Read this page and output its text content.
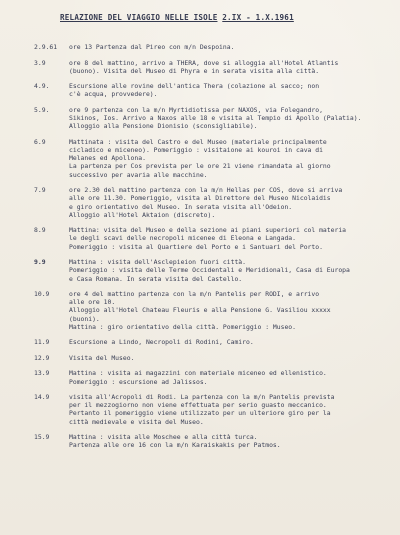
RELAZIONE DEL VIAGGIO NELLE ISOLE 2.IX - 1.X.1961
2.9.61	ore 13 Partenza dal Pireo con m/n Despoina.
3.9	ore 8 del mattino, arrivo a THERA, dove si alloggia all'Hotel Atlantis
(buono). Visita del Museo di Phyra e in serata visita alla città.
4.9.	Escursione alle rovine dell'antica Thera (colazione al sacco; non
c'è acqua, provvedere).
5.9.	ore 9 partenza con la m/n Myrtidiotissa per NAXOS, via Folegandro,
Sikinos, Ios. Arrivo a Naxos alle 18 e visita al Tempio di Apollo (Palatia).
Alloggio alla Pensione Dionisio (sconsigliabile).
6.9	Mattinata : visita del Castro e del Museo (materiale principalmente
cicladico e miceneo). Pomeriggio : visitaione ai kouroi in cava di
Melanes ed Apollona.
La partenza per Cos prevista per le ore 21 viene rimandata al giorno
successivo per avaria alle macchine.
7.9	ore 2.30 del mattino partenza con la m/n Hellas per COS, dove si arriva
alle ore 11.30. Pomeriggio, visita al Direttore del Museo Nicolaidis
e giro orientativo del Museo. In serata visita all'Odeion.
Alloggio all'Hotel Aktaion (discreto).
8.9	Mattina: visita del Museo e della sezione ai piani superiori col materia
le degli scavi delle necropoli micenee di Eleona e Langada.
Pomeriggio : visita al Quartiere del Porto e i Santuari del Porto.
9.9	Mattina : visita dell'Asclepieion fuori città.
Pomeriggio : visita delle Terme Occidentali e Meridionali, Casa di Europa
e Casa Romana. In serata visita del Castello.
10.9	ore 4 del mattino partenza con la m/n Pantelis per RODI, e arrivo
alle ore 10.
Alloggio all'Hotel Chateau Fleuris e alla Pensione G. Vasiliou xxxxx
(buoni).
Mattina : giro orientativo della città. Pomeriggio : Museo.
11.9	Escursione a Lindo, Necropoli di Rodini, Camiro.
12.9	Visita del Museo.
13.9	Mattina : visita ai magazzini con materiale miceneo ed ellenistico.
Pomeriggio : escursione ad Jalissos.
14.9	visita all'Acropoli di Rodi. La partenza con la m/n Pantelis prevista
per il mezzogiorno non viene effettuata per serio guasto meccanico.
Pertanto il pomeriggio viene utilizzato per un ulteriore giro per la
città medievale e visita del Museo.
15.9	Mattina : visita alle Moschee e alla città turca.
Partenza alle ore 16 con la m/n Karaiskakis per Patmos.
